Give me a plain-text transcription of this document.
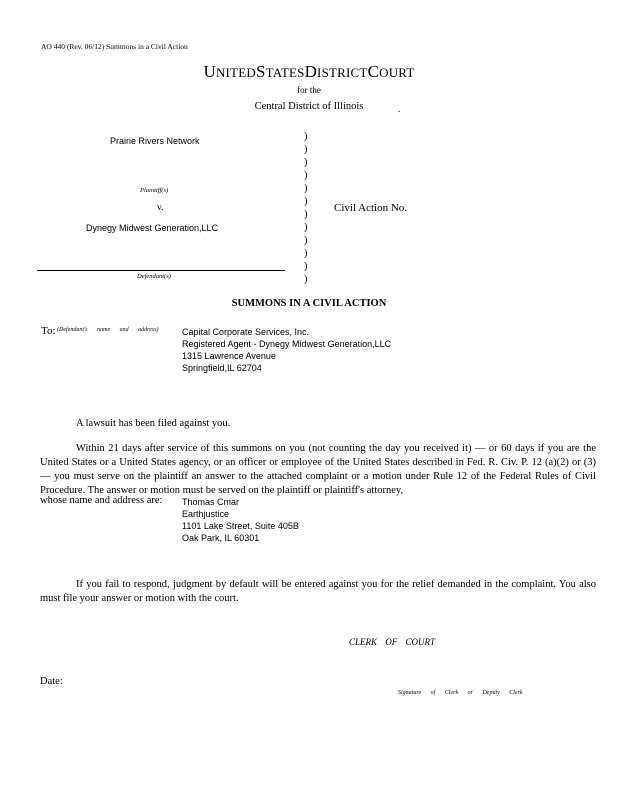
AO 440 (Rev. 06/12) Summons in a Civil Action
UNITEDSTATESDISTRICTCOURT
for the
Central District of Illinois	.
Prairie Rivers Network
Plaintiff(s)
v.
Dynegy Midwest Generation,LLC
Defendant(s)
)
)
)
)
)
)
)
)
)
)
)
)
Civil Action No.
SUMMONS IN A CIVIL ACTION
To: (Defendant's name and address)	Capital Corporate Services, Inc.
Registered Agent - Dynegy Midwest Generation,LLC
1315 Lawrence Avenue
Springfield,IL 62704
A lawsuit has been filed against you.
Within 21 days after service of this summons on you (not counting the day you received it) — or 60 days if you are the United States or a United States agency, or an officer or employee of the United States described in Fed. R. Civ. P. 12 (a)(2) or (3) — you must serve on the plaintiff an answer to the attached complaint or a motion under Rule 12 of the Federal Rules of Civil Procedure. The answer or motion must be served on the plaintiff or plaintiff's attorney,
whose name and address are: Thomas Cmar
Earthjustice
1101 Lake Street, Suite 405B
Oak Park, IL 60301
If you fail to respond, judgment by default will be entered against you for the relief demanded in the complaint. You also must file your answer or motion with the court.
CLERK OF COURT
Date:
Signature of Clerk or Deputy Clerk
